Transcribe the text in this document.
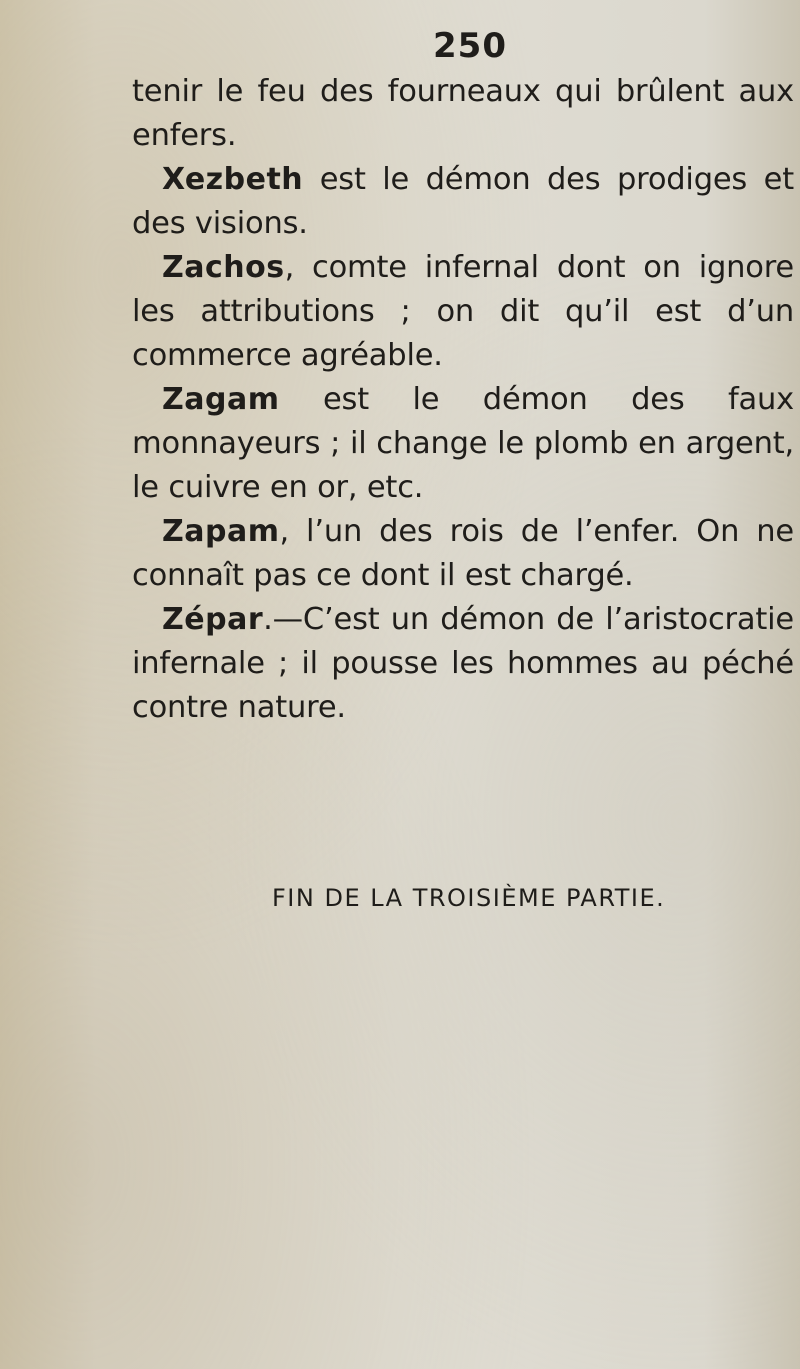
250

tenir le feu des fourneaux qui brûlent aux enfers.

Xezbeth est le démon des prodiges et des visions.

Zachos, comte infernal dont on ignore les attributions ; on dit qu’il est d’un commerce agréable.

Zagam est le démon des faux monnayeurs ; il change le plomb en argent, le cuivre en or, etc.

Zapam, l’un des rois de l’enfer. On ne connaît pas ce dont il est chargé.

Zépar.—C’est un démon de l’aristocratie infernale ; il pousse les hommes au péché contre nature.

FIN DE LA TROISIÈME PARTIE.
